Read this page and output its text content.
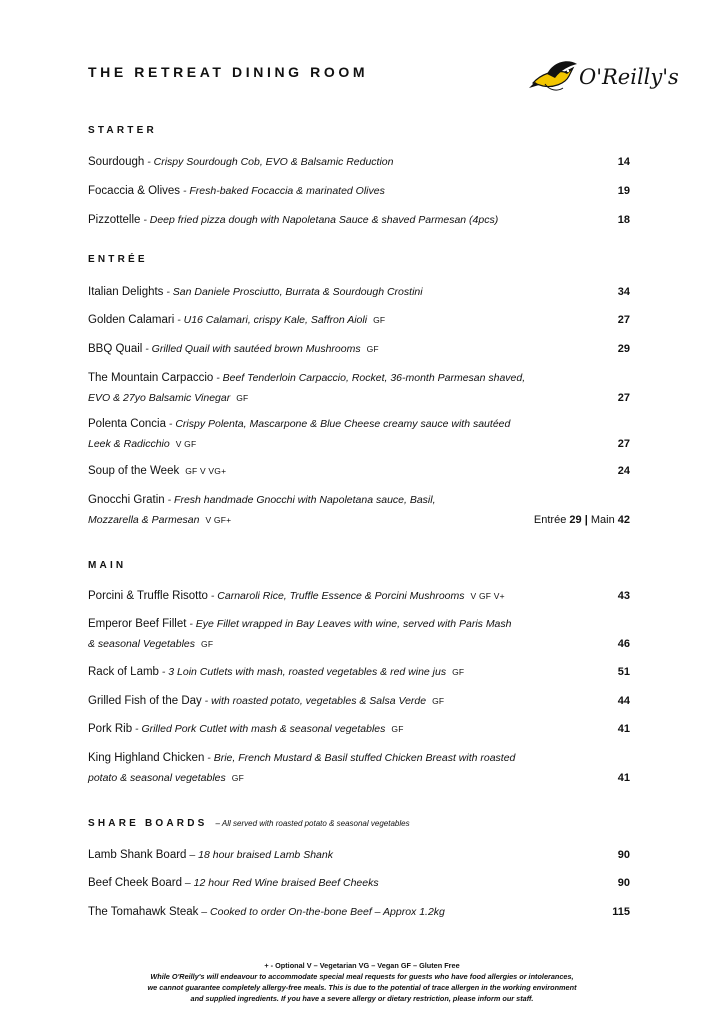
THE RETREAT DINING ROOM	O'Reilly's
STARTER
Sourdough - Crispy Sourdough Cob, EVO & Balsamic Reduction	14
Focaccia & Olives - Fresh-baked Focaccia & marinated Olives	19
Pizzottelle - Deep fried pizza dough with Napoletana Sauce & shaved Parmesan (4pcs)	18
ENTRÉE
Italian Delights - San Daniele Prosciutto, Burrata & Sourdough Crostini	34
Golden Calamari - U16 Calamari, crispy Kale, Saffron Aioli GF	27
BBQ Quail - Grilled Quail with sautéed brown Mushrooms GF	29
The Mountain Carpaccio - Beef Tenderloin Carpaccio, Rocket, 36-month Parmesan shaved,
EVO & 27yo Balsamic Vinegar GF	27
Polenta Concia - Crispy Polenta, Mascarpone & Blue Cheese creamy sauce with sautéed
Leek & Radicchio V GF	27
Soup of the Week GF V VG+	24
Gnocchi Gratin - Fresh handmade Gnocchi with Napoletana sauce, Basil,
Mozzarella & Parmesan V GF+	Entrée 29 | Main 42
MAIN
Porcini & Truffle Risotto - Carnaroli Rice, Truffle Essence & Porcini Mushrooms V GF V+	43
Emperor Beef Fillet - Eye Fillet wrapped in Bay Leaves with wine, served with Paris Mash
& seasonal Vegetables GF	46
Rack of Lamb - 3 Loin Cutlets with mash, roasted vegetables & red wine jus GF	51
Grilled Fish of the Day - with roasted potato, vegetables & Salsa Verde GF	44
Pork Rib - Grilled Pork Cutlet with mash & seasonal vegetables GF	41
King Highland Chicken - Brie, French Mustard & Basil stuffed Chicken Breast with roasted
potato & seasonal vegetables GF	41
SHARE BOARDS – All served with roasted potato & seasonal vegetables
Lamb Shank Board – 18 hour braised Lamb Shank	90
Beef Cheek Board – 12 hour Red Wine braised Beef Cheeks	90
The Tomahawk Steak – Cooked to order On-the-bone Beef – Approx 1.2kg	115
+ - Optional V – Vegetarian VG – Vegan GF – Gluten Free
While O'Reilly's will endeavour to accommodate special meal requests for guests who have food allergies or intolerances,
we cannot guarantee completely allergy-free meals. This is due to the potential of trace allergen in the working environment
and supplied ingredients. If you have a severe allergy or dietary restriction, please inform our staff.
